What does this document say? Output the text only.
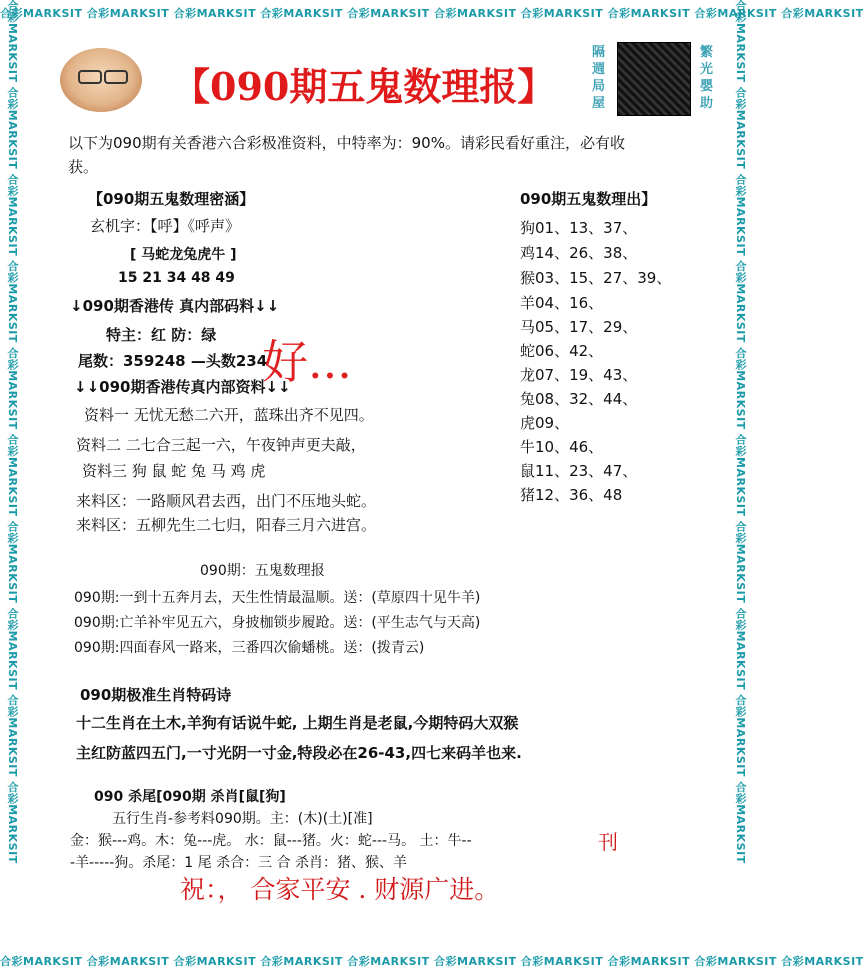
合彩MARKSIT 合彩MARKSIT 合彩MARKSIT 合彩MARKSIT 合彩MARKSIT 合彩MARKSIT 合彩MARKSIT 合彩MARKSIT 合彩MARKSIT 合彩MARKSIT
合彩MARKSIT 合彩MARKSIT 合彩MARKSIT 合彩MARKSIT 合彩MARKSIT 合彩MARKSIT 合彩MARKSIT 合彩MARKSIT 合彩MARKSIT 合彩MARKSIT
合彩MARKSIT 合彩MARKSIT 合彩MARKSIT 合彩MARKSIT 合彩MARKSIT 合彩MARKSIT 合彩MARKSIT 合彩MARKSIT 合彩MARKSIT 合彩MARKSIT	合彩MARKSIT 合彩MARKSIT 合彩MARKSIT 合彩MARKSIT 合彩MARKSIT 合彩MARKSIT 合彩MARKSIT 合彩MARKSIT 合彩MARKSIT 合彩MARKSIT
【090期五鬼数理报】
隔週局屋
繁光嬰助
以下为090期有关香港六合彩极准资料，中特率为：90%。请彩民看好重注，必有收
获。
【090期五鬼数理密涵】
玄机字：【呼】《呼声》
[ 马蛇龙兔虎牛 ]
15 21 34 48 49
↓090期香港传 真内部码料↓↓
特主：红 防：绿
尾数：359248 —头数234
好...
↓↓090期香港传真内部资料↓↓
资料一 无忧无愁二六开，蓝珠出齐不见四。
资料二 二七合三起一六，午夜钟声更夫敲，
资料三 狗 鼠 蛇 兔 马 鸡 虎
来料区：一路顺风君去西，出门不压地头蛇。
来料区：五柳先生二七归，阳春三月六进宫。
090期五鬼数理出】
狗01、13、37、
鸡14、26、38、
猴03、15、27、39、
羊04、16、
马05、17、29、
蛇06、42、
龙07、19、43、
兔08、32、44、
虎09、
牛10、46、
鼠11、23、47、
猪12、36、48
090期：五鬼数理报
090期:一到十五奔月去，天生性情最温顺。送：(草原四十见牛羊)
090期:亡羊补牢见五六，身披枷锁步履跄。送：(平生志气与天高)
090期:四面春风一路来，三番四次偷蟠桃。送：(拨青云)
090期极准生肖特码诗
十二生肖在土木,羊狗有话说牛蛇, 上期生肖是老鼠,今期特码大双猴
主红防蓝四五门,一寸光阴一寸金,特段必在26-43,四七来码羊也来.
090 杀尾[090期 杀肖[鼠[狗]
五行生肖-参考料090期。主：(木)(土)[准]
金：猴---鸡。木：兔---虎。 水：鼠---猪。火：蛇---马。 土：牛--
-羊-----狗。杀尾：1 尾 杀合：三 合 杀肖：猪、猴、羊
刊
祝：， 合家平安 . 财源广进。
